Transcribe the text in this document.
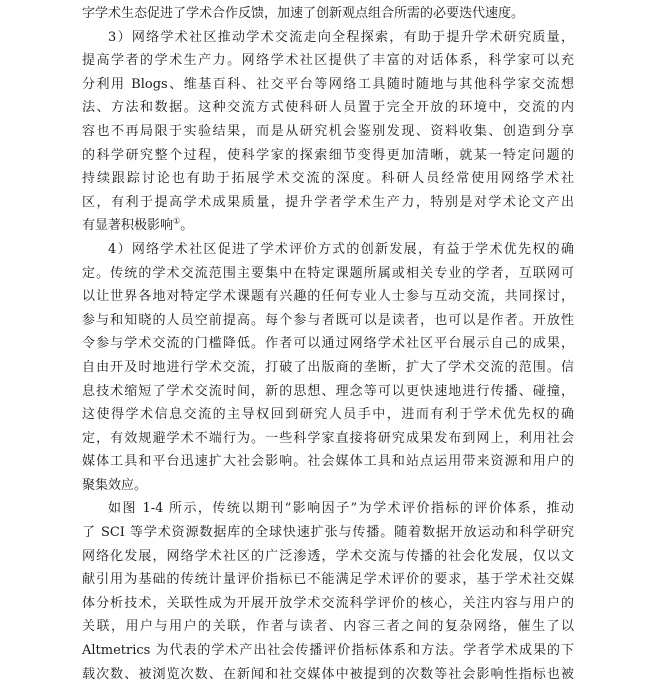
字学术生态促进了学术合作反馈，加速了创新观点组合所需的必要迭代速度。
3）网络学术社区推动学术交流走向全程探索，有助于提升学术研究质量，
提高学者的学术生产力。网络学术社区提供了丰富的对话体系，科学家可以充
分利用 Blogs、维基百科、社交平台等网络工具随时随地与其他科学家交流想
法、方法和数据。这种交流方式使科研人员置于完全开放的环境中，交流的内
容也不再局限于实验结果，而是从研究机会鉴别发现、资料收集、创造到分享
的科学研究整个过程，使科学家的探索细节变得更加清晰，就某一特定问题的
持续跟踪讨论也有助于拓展学术交流的深度。科研人员经常使用网络学术社
区，有利于提高学术成果质量，提升学者学术生产力，特别是对学术论文产出
有显著积极影响①。
4）网络学术社区促进了学术评价方式的创新发展，有益于学术优先权的确
定。传统的学术交流范围主要集中在特定课题所属或相关专业的学者，互联网可
以让世界各地对特定学术课题有兴趣的任何专业人士参与互动交流，共同探讨，
参与和知晓的人员空前提高。每个参与者既可以是读者，也可以是作者。开放性
令参与学术交流的门槛降低。作者可以通过网络学术社区平台展示自己的成果，
自由开及时地进行学术交流，打破了出版商的垄断，扩大了学术交流的范围。信
息技术缩短了学术交流时间，新的思想、理念等可以更快速地进行传播、碰撞，
这使得学术信息交流的主导权回到研究人员手中，进而有利于学术优先权的确
定，有效规避学术不端行为。一些科学家直接将研究成果发布到网上，利用社会
媒体工具和平台迅速扩大社会影响。社会媒体工具和站点运用带来资源和用户的
聚集效应。
如图 1-4 所示，传统以期刊“影响因子”为学术评价指标的评价体系，推动
了 SCI 等学术资源数据库的全球快速扩张与传播。随着数据开放运动和科学研究
网络化发展，网络学术社区的广泛渗透，学术交流与传播的社会化发展，仅以文
献引用为基础的传统计量评价指标已不能满足学术评价的要求，基于学术社交媒
体分析技术，关联性成为开展开放学术交流科学评价的核心，关注内容与用户的
关联，用户与用户的关联，作者与读者、内容三者之间的复杂网络，催生了以
Altmetrics 为代表的学术产出社会传播评价指标体系和方法。学者学术成果的下
载次数、被浏览次数、在新闻和社交媒体中被提到的次数等社会影响性指标也被
